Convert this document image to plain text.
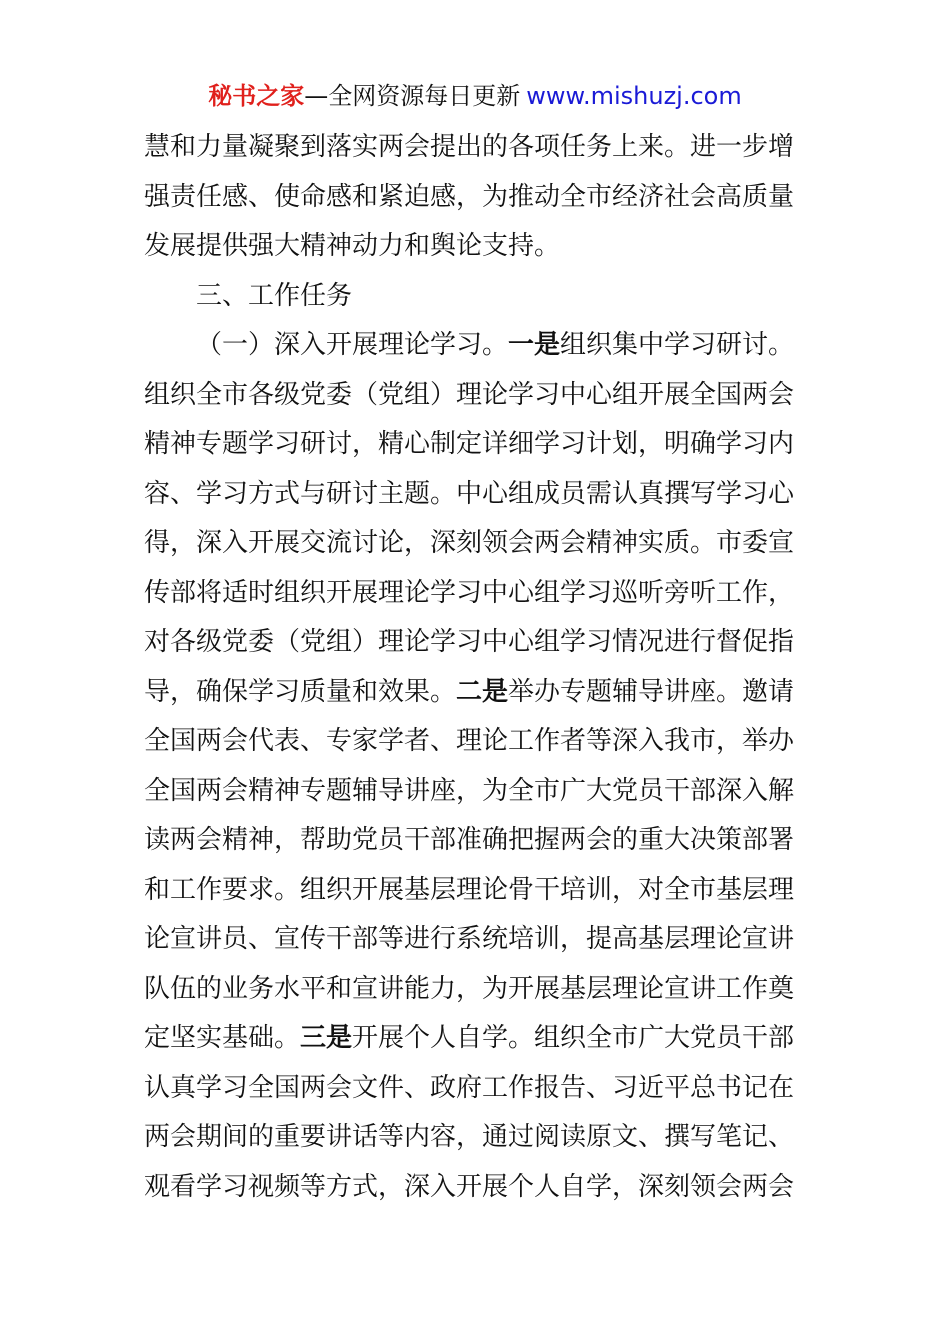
秘书之家—全网资源每日更新 www.mishuzj.com
慧和力量凝聚到落实两会提出的各项任务上来。进一步增
强责任感、使命感和紧迫感，为推动全市经济社会高质量
发展提供强大精神动力和舆论支持。
三、工作任务
（一）深入开展理论学习。一是组织集中学习研讨。
组织全市各级党委（党组）理论学习中心组开展全国两会
精神专题学习研讨，精心制定详细学习计划，明确学习内
容、学习方式与研讨主题。中心组成员需认真撰写学习心
得，深入开展交流讨论，深刻领会两会精神实质。市委宣
传部将适时组织开展理论学习中心组学习巡听旁听工作，
对各级党委（党组）理论学习中心组学习情况进行督促指
导，确保学习质量和效果。二是举办专题辅导讲座。邀请
全国两会代表、专家学者、理论工作者等深入我市，举办
全国两会精神专题辅导讲座，为全市广大党员干部深入解
读两会精神，帮助党员干部准确把握两会的重大决策部署
和工作要求。组织开展基层理论骨干培训，对全市基层理
论宣讲员、宣传干部等进行系统培训，提高基层理论宣讲
队伍的业务水平和宣讲能力，为开展基层理论宣讲工作奠
定坚实基础。三是开展个人自学。组织全市广大党员干部
认真学习全国两会文件、政府工作报告、习近平总书记在
两会期间的重要讲话等内容，通过阅读原文、撰写笔记、
观看学习视频等方式，深入开展个人自学，深刻领会两会
